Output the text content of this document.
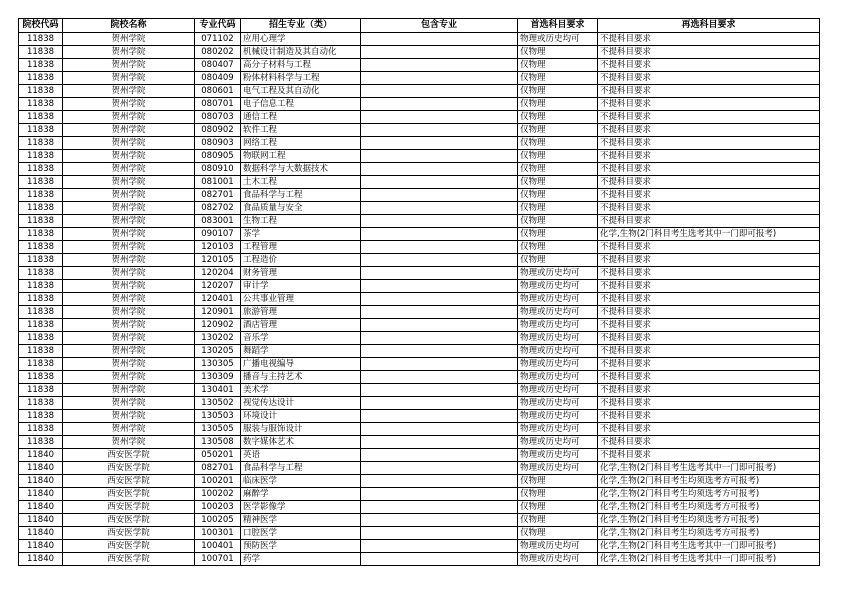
院校代码	院校名称	专业代码	招生专业（类）	包含专业	首选科目要求	再选科目要求
11838	贺州学院	071102	应用心理学		物理或历史均可	不提科目要求
11838	贺州学院	080202	机械设计制造及其自动化		仅物理	不提科目要求
11838	贺州学院	080407	高分子材料与工程		仅物理	不提科目要求
11838	贺州学院	080409	粉体材料科学与工程		仅物理	不提科目要求
11838	贺州学院	080601	电气工程及其自动化		仅物理	不提科目要求
11838	贺州学院	080701	电子信息工程		仅物理	不提科目要求
11838	贺州学院	080703	通信工程		仅物理	不提科目要求
11838	贺州学院	080902	软件工程		仅物理	不提科目要求
11838	贺州学院	080903	网络工程		仅物理	不提科目要求
11838	贺州学院	080905	物联网工程		仅物理	不提科目要求
11838	贺州学院	080910	数据科学与大数据技术		仅物理	不提科目要求
11838	贺州学院	081001	土木工程		仅物理	不提科目要求
11838	贺州学院	082701	食品科学与工程		仅物理	不提科目要求
11838	贺州学院	082702	食品质量与安全		仅物理	不提科目要求
11838	贺州学院	083001	生物工程		仅物理	不提科目要求
11838	贺州学院	090107	茶学		仅物理	化学,生物(2门科目考生选考其中一门即可报考)
11838	贺州学院	120103	工程管理		仅物理	不提科目要求
11838	贺州学院	120105	工程造价		仅物理	不提科目要求
11838	贺州学院	120204	财务管理		物理或历史均可	不提科目要求
11838	贺州学院	120207	审计学		物理或历史均可	不提科目要求
11838	贺州学院	120401	公共事业管理		物理或历史均可	不提科目要求
11838	贺州学院	120901	旅游管理		物理或历史均可	不提科目要求
11838	贺州学院	120902	酒店管理		物理或历史均可	不提科目要求
11838	贺州学院	130202	音乐学		物理或历史均可	不提科目要求
11838	贺州学院	130205	舞蹈学		物理或历史均可	不提科目要求
11838	贺州学院	130305	广播电视编导		物理或历史均可	不提科目要求
11838	贺州学院	130309	播音与主持艺术		物理或历史均可	不提科目要求
11838	贺州学院	130401	美术学		物理或历史均可	不提科目要求
11838	贺州学院	130502	视觉传达设计		物理或历史均可	不提科目要求
11838	贺州学院	130503	环境设计		物理或历史均可	不提科目要求
11838	贺州学院	130505	服装与服饰设计		物理或历史均可	不提科目要求
11838	贺州学院	130508	数字媒体艺术		物理或历史均可	不提科目要求
11840	西安医学院	050201	英语		物理或历史均可	不提科目要求
11840	西安医学院	082701	食品科学与工程		物理或历史均可	化学,生物(2门科目考生选考其中一门即可报考)
11840	西安医学院	100201	临床医学		仅物理	化学,生物(2门科目考生均须选考方可报考)
11840	西安医学院	100202	麻醉学		仅物理	化学,生物(2门科目考生均须选考方可报考)
11840	西安医学院	100203	医学影像学		仅物理	化学,生物(2门科目考生均须选考方可报考)
11840	西安医学院	100205	精神医学		仅物理	化学,生物(2门科目考生均须选考方可报考)
11840	西安医学院	100301	口腔医学		仅物理	化学,生物(2门科目考生均须选考方可报考)
11840	西安医学院	100401	预防医学		物理或历史均可	化学,生物(2门科目考生选考其中一门即可报考)
11840	西安医学院	100701	药学		物理或历史均可	化学,生物(2门科目考生选考其中一门即可报考)
